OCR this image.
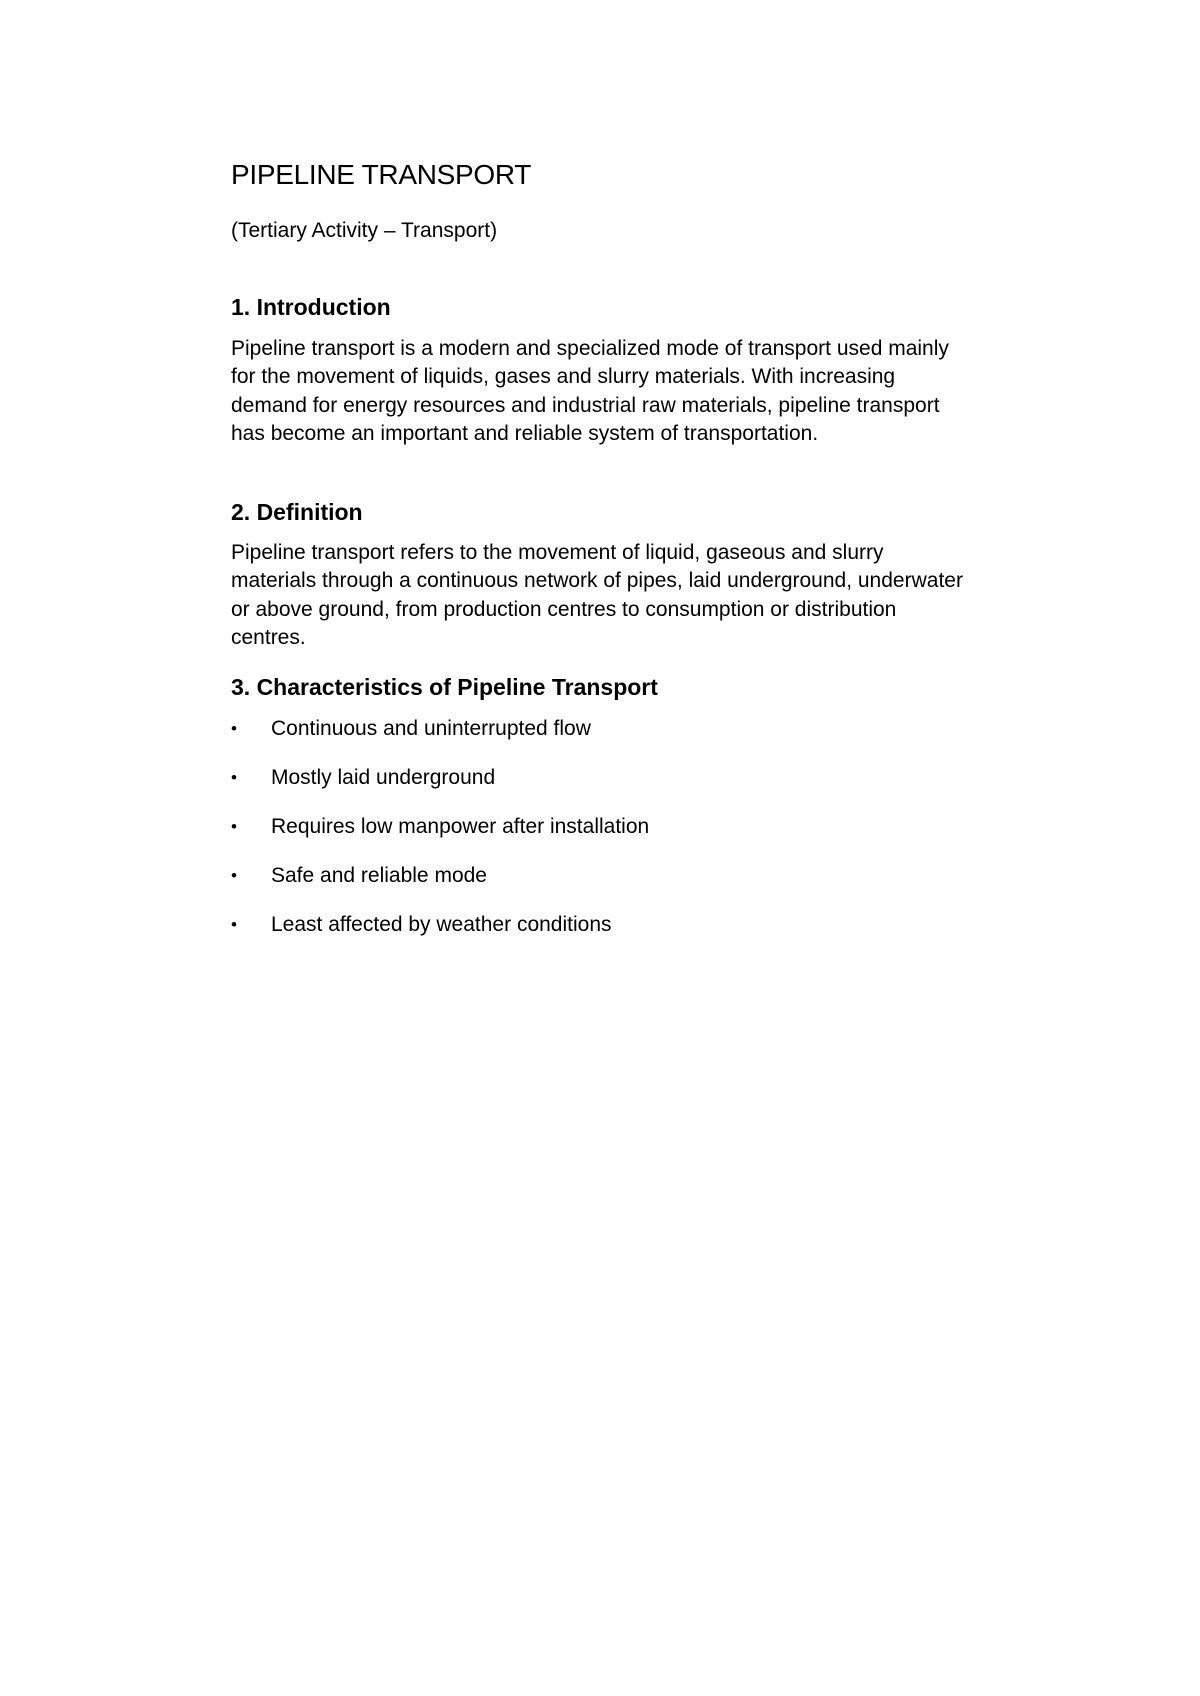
PIPELINE TRANSPORT

(Tertiary Activity – Transport)

1. Introduction

Pipeline transport is a modern and specialized mode of transport used mainly for the movement of liquids, gases and slurry materials. With increasing demand for energy resources and industrial raw materials, pipeline transport has become an important and reliable system of transportation.

2. Definition

Pipeline transport refers to the movement of liquid, gaseous and slurry materials through a continuous network of pipes, laid underground, underwater or above ground, from production centres to consumption or distribution centres.

3. Characteristics of Pipeline Transport
•	Continuous and uninterrupted flow
•	Mostly laid underground
•	Requires low manpower after installation
•	Safe and reliable mode
•	Least affected by weather conditions
